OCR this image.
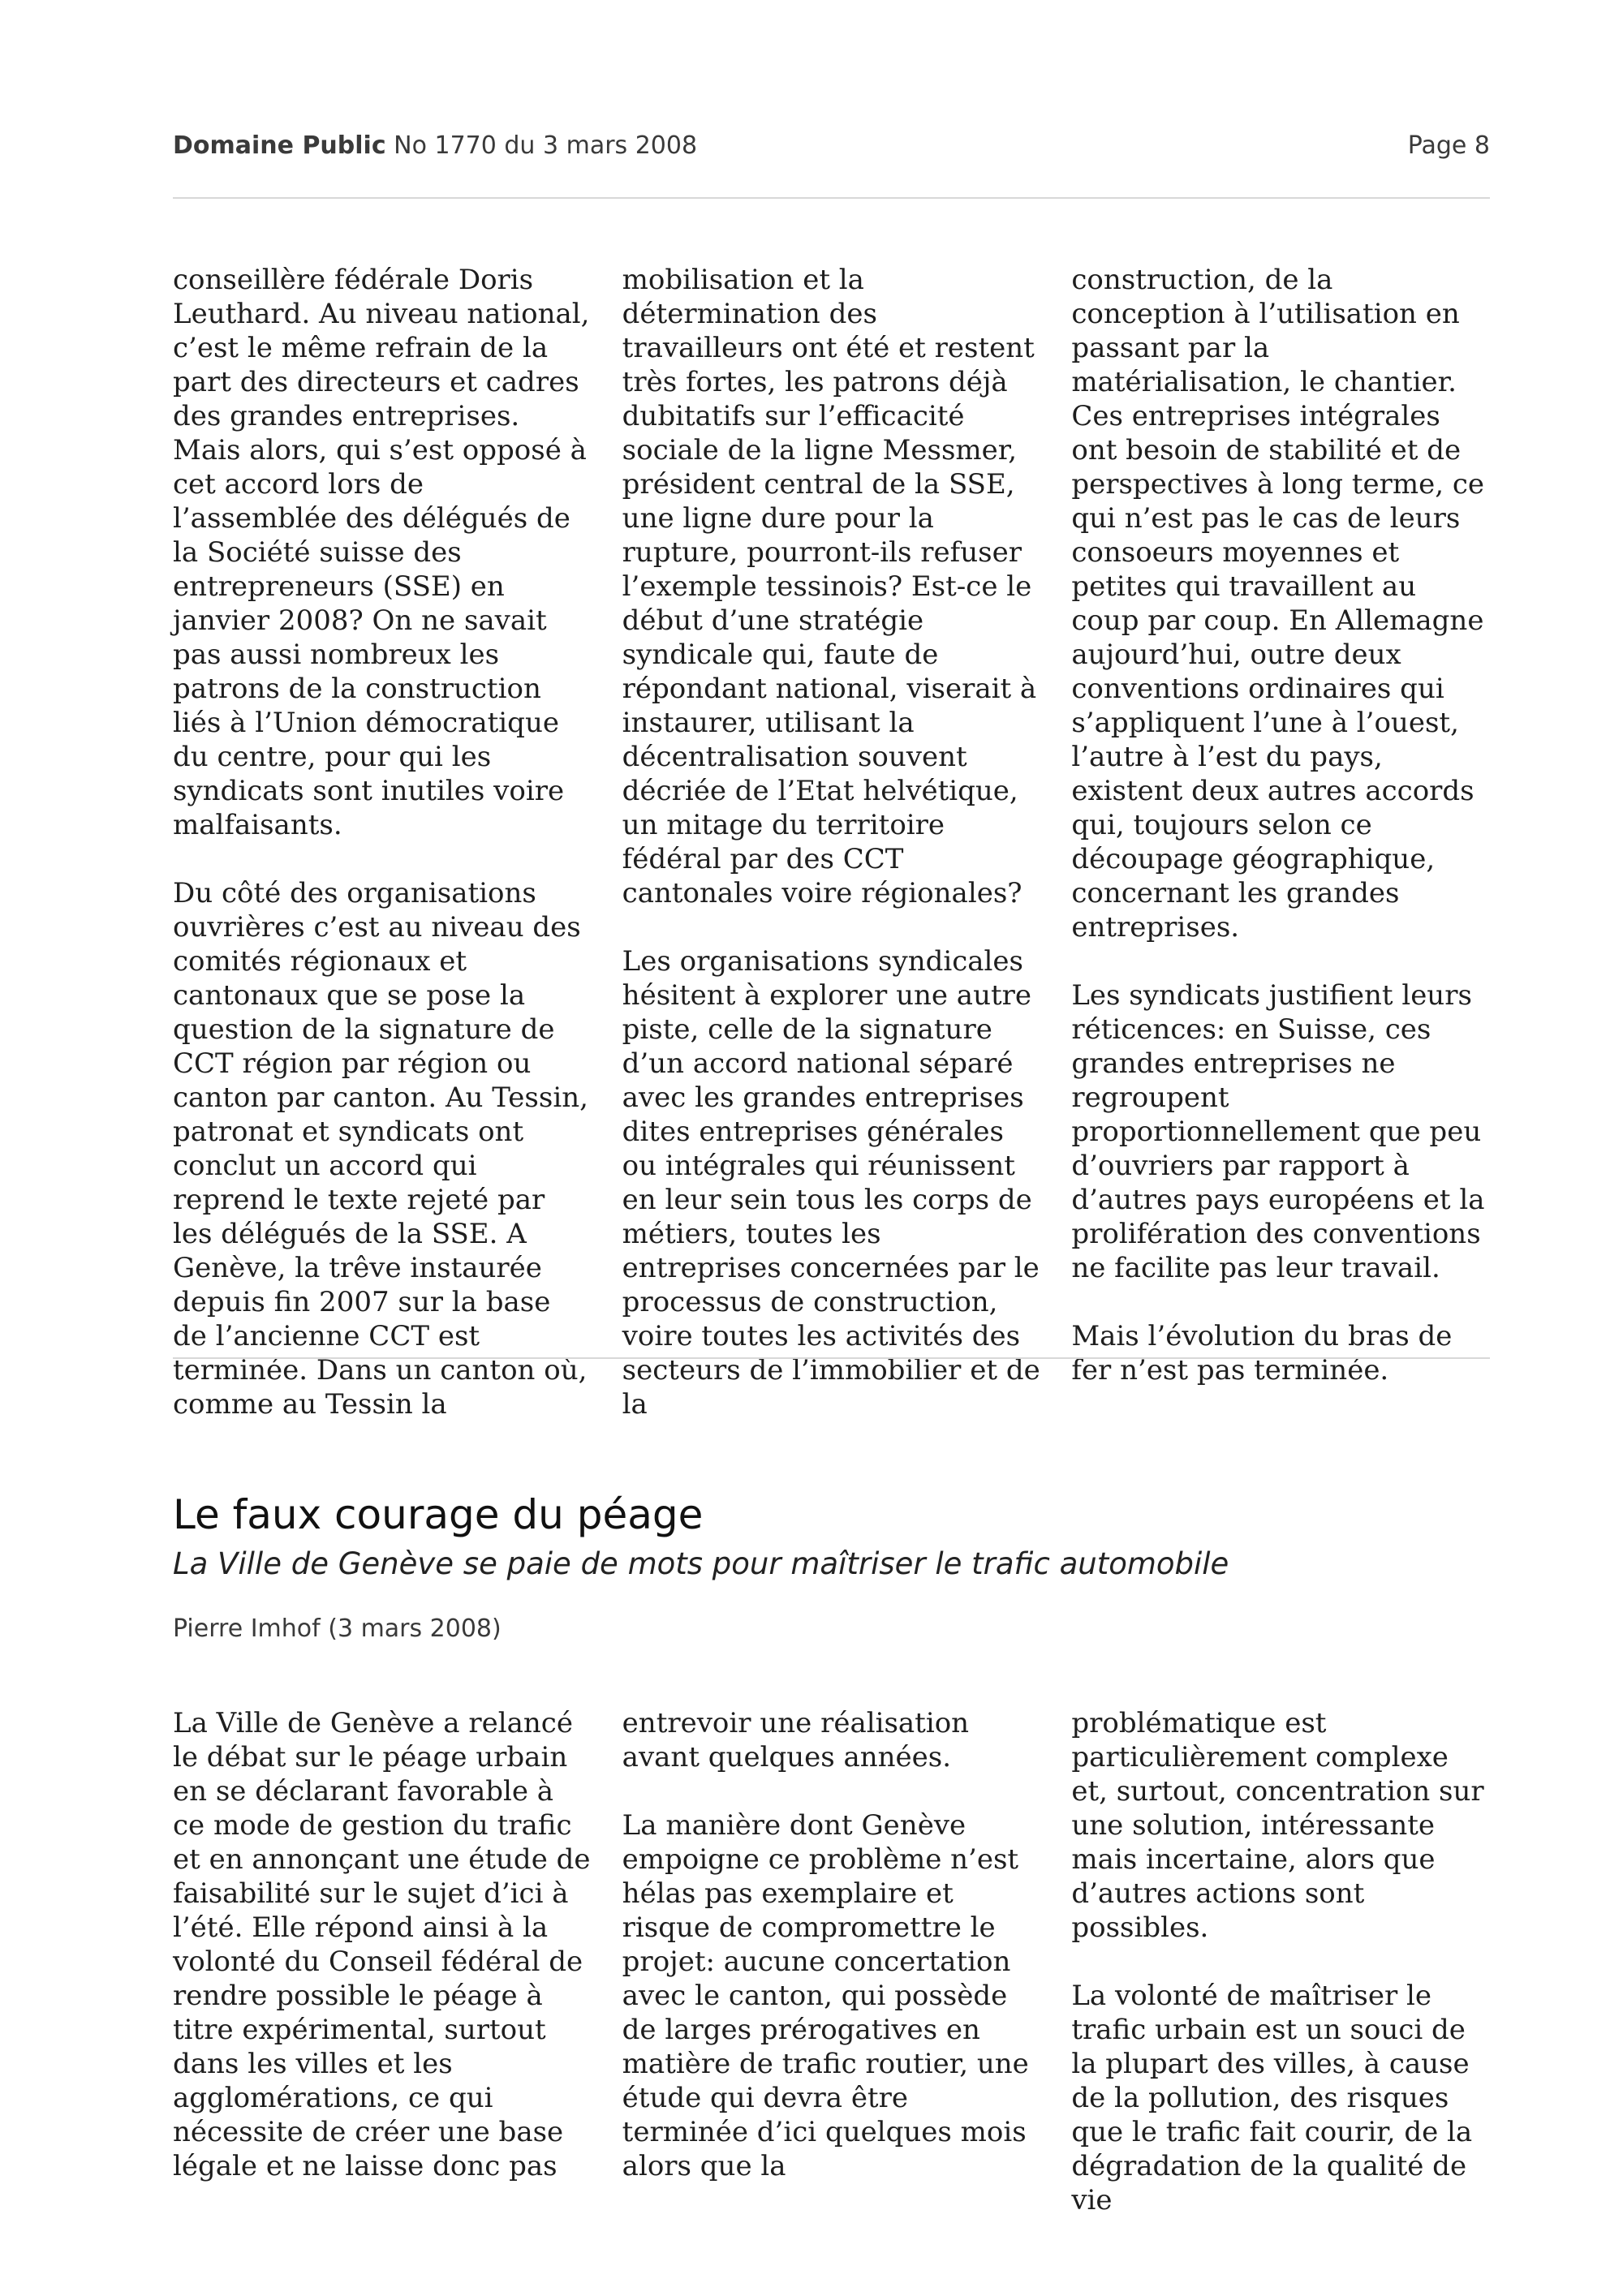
Domaine Public No 1770 du 3 mars 2008	Page 8

conseillère fédérale Doris Leuthard. Au niveau national, c’est le même refrain de la part des directeurs et cadres des grandes entreprises. Mais alors, qui s’est opposé à cet accord lors de l’assemblée des délégués de la Société suisse des entrepreneurs (SSE) en janvier 2008? On ne savait pas aussi nombreux les patrons de la construction liés à l’Union démocratique du centre, pour qui les syndicats sont inutiles voire malfaisants.

Du côté des organisations ouvrières c’est au niveau des comités régionaux et cantonaux que se pose la question de la signature de CCT région par région ou canton par canton. Au Tessin, patronat et syndicats ont conclut un accord qui reprend le texte rejeté par les délégués de la SSE. A Genève, la trêve instaurée depuis fin 2007 sur la base de l’ancienne CCT est terminée. Dans un canton où, comme au Tessin la

mobilisation et la détermination des travailleurs ont été et restent très fortes, les patrons déjà dubitatifs sur l’efficacité sociale de la ligne Messmer, président central de la SSE, une ligne dure pour la rupture, pourront-ils refuser l’exemple tessinois? Est-ce le début d’une stratégie syndicale qui, faute de répondant national, viserait à instaurer, utilisant la décentralisation souvent décriée de l’Etat helvétique, un mitage du territoire fédéral par des CCT cantonales voire régionales?

Les organisations syndicales hésitent à explorer une autre piste, celle de la signature d’un accord national séparé avec les grandes entreprises dites entreprises générales ou intégrales qui réunissent en leur sein tous les corps de métiers, toutes les entreprises concernées par le processus de construction, voire toutes les activités des secteurs de l’immobilier et de la

construction, de la conception à l’utilisation en passant par la matérialisation, le chantier. Ces entreprises intégrales ont besoin de stabilité et de perspectives à long terme, ce qui n’est pas le cas de leurs consoeurs moyennes et petites qui travaillent au coup par coup. En Allemagne aujourd’hui, outre deux conventions ordinaires qui s’appliquent l’une à l’ouest, l’autre à l’est du pays, existent deux autres accords qui, toujours selon ce découpage géographique, concernant les grandes entreprises.

Les syndicats justifient leurs réticences: en Suisse, ces grandes entreprises ne regroupent proportionnellement que peu d’ouvriers par rapport à d’autres pays européens et la prolifération des conventions ne facilite pas leur travail.

Mais l’évolution du bras de fer n’est pas terminée.

Le faux courage du péage
La Ville de Genève se paie de mots pour maîtriser le trafic automobile
Pierre Imhof (3 mars 2008)

La Ville de Genève a relancé le débat sur le péage urbain en se déclarant favorable à ce mode de gestion du trafic et en annonçant une étude de faisabilité sur le sujet d’ici à l’été. Elle répond ainsi à la volonté du Conseil fédéral de rendre possible le péage à titre expérimental, surtout dans les villes et les agglomérations, ce qui nécessite de créer une base légale et ne laisse donc pas

entrevoir une réalisation avant quelques années.

La manière dont Genève empoigne ce problème n’est hélas pas exemplaire et risque de compromettre le projet: aucune concertation avec le canton, qui possède de larges prérogatives en matière de trafic routier, une étude qui devra être terminée d’ici quelques mois alors que la

problématique est particulièrement complexe et, surtout, concentration sur une solution, intéressante mais incertaine, alors que d’autres actions sont possibles.

La volonté de maîtriser le trafic urbain est un souci de la plupart des villes, à cause de la pollution, des risques que le trafic fait courir, de la dégradation de la qualité de vie
